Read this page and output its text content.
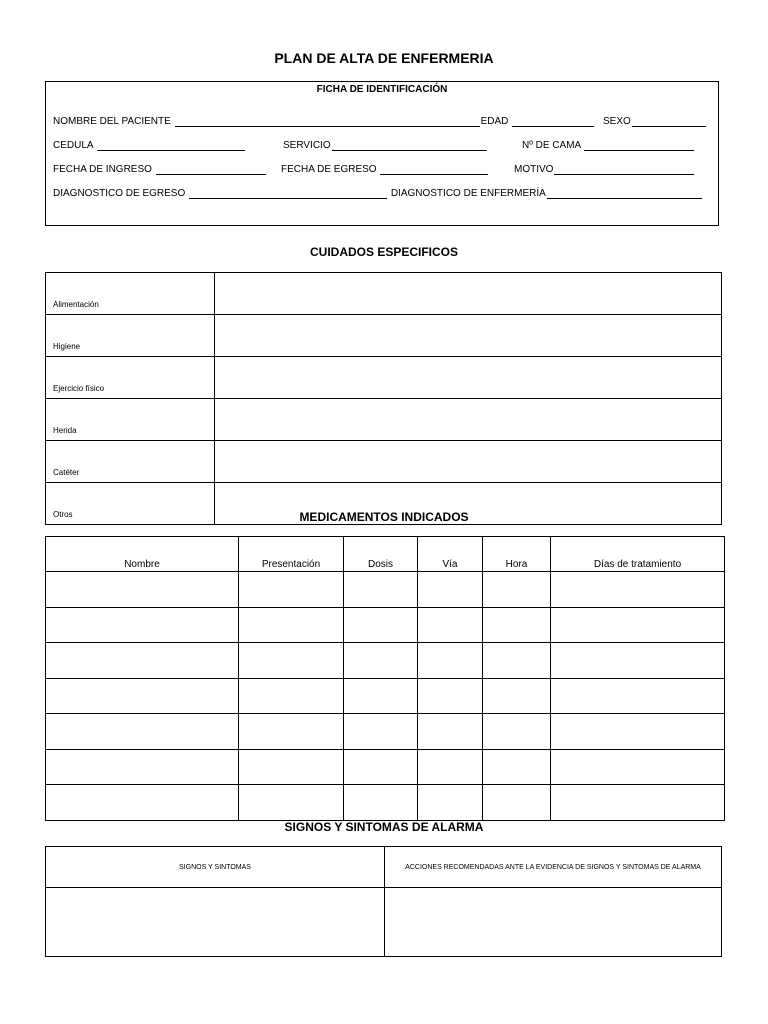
PLAN DE ALTA DE ENFERMERIA
FICHA DE IDENTIFICACIÓN
NOMBRE DEL PACIENTE	EDAD	SEXO
CEDULA	SERVICIO	Nº DE CAMA
FECHA DE INGRESO	FECHA DE EGRESO	MOTIVO
DIAGNOSTICO DE EGRESO	DIAGNOSTICO DE ENFERMERÍA
CUIDADOS ESPECIFICOS
Alimentación	
Higiene	
Ejercicio físico	
Herida	
Catéter	
Otros		MEDICAMENTOS INDICADOS
Nombre	Presentación	Dosis	Vía	Hora	Días de tratamiento

SIGNOS Y SINTOMAS DE ALARMA
SIGNOS Y SINTOMAS	ACCIONES RECOMENDADAS ANTE LA EVIDENCIA DE SIGNOS Y SINTOMAS DE ALARMA
